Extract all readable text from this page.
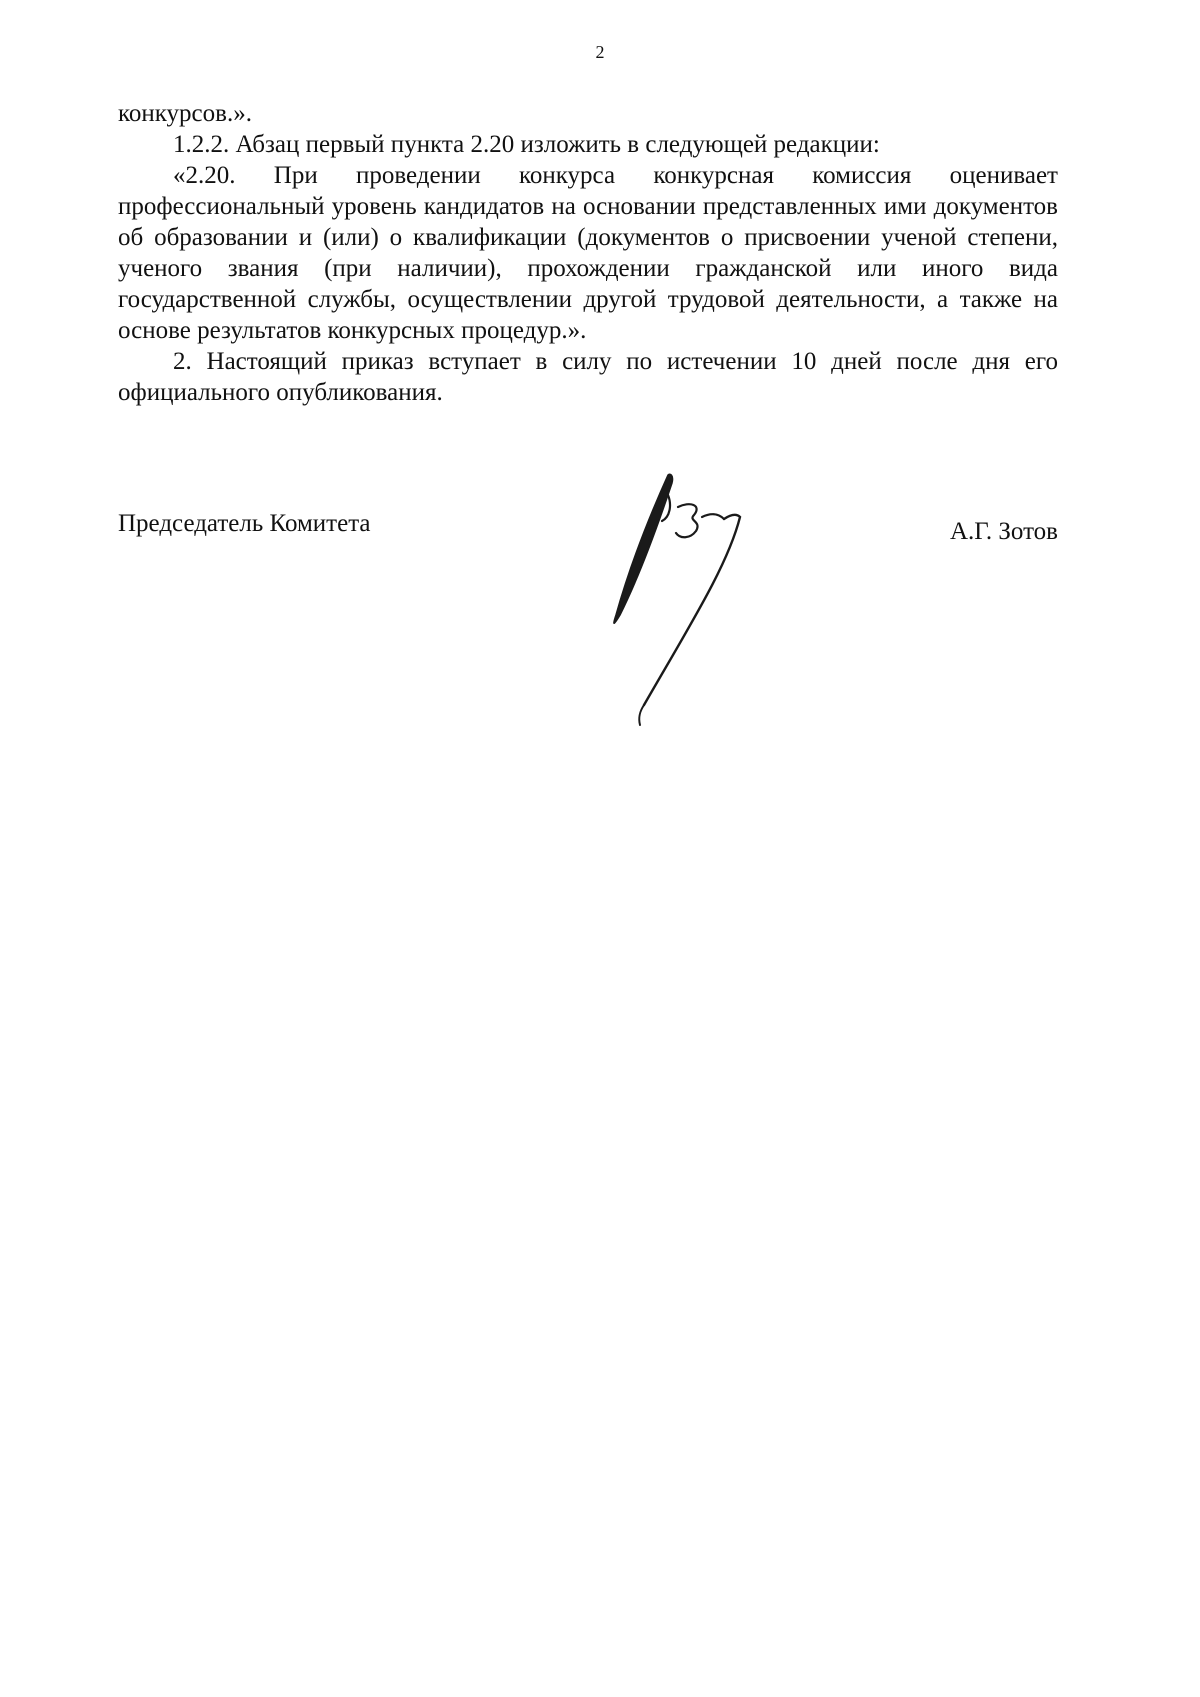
2

конкурсов.».

1.2.2. Абзац первый пункта 2.20 изложить в следующей редакции:

«2.20. При проведении конкурса конкурсная комиссия оценивает профессиональный уровень кандидатов на основании представленных ими документов об образовании и (или) о квалификации (документов о присвоении ученой степени, ученого звания (при наличии), прохождении гражданской или иного вида государственной службы, осуществлении другой трудовой деятельности, а также на основе результатов конкурсных процедур.».

2. Настоящий приказ вступает в силу по истечении 10 дней после дня его официального опубликования.

Председатель Комитета	А.Г. Зотов
